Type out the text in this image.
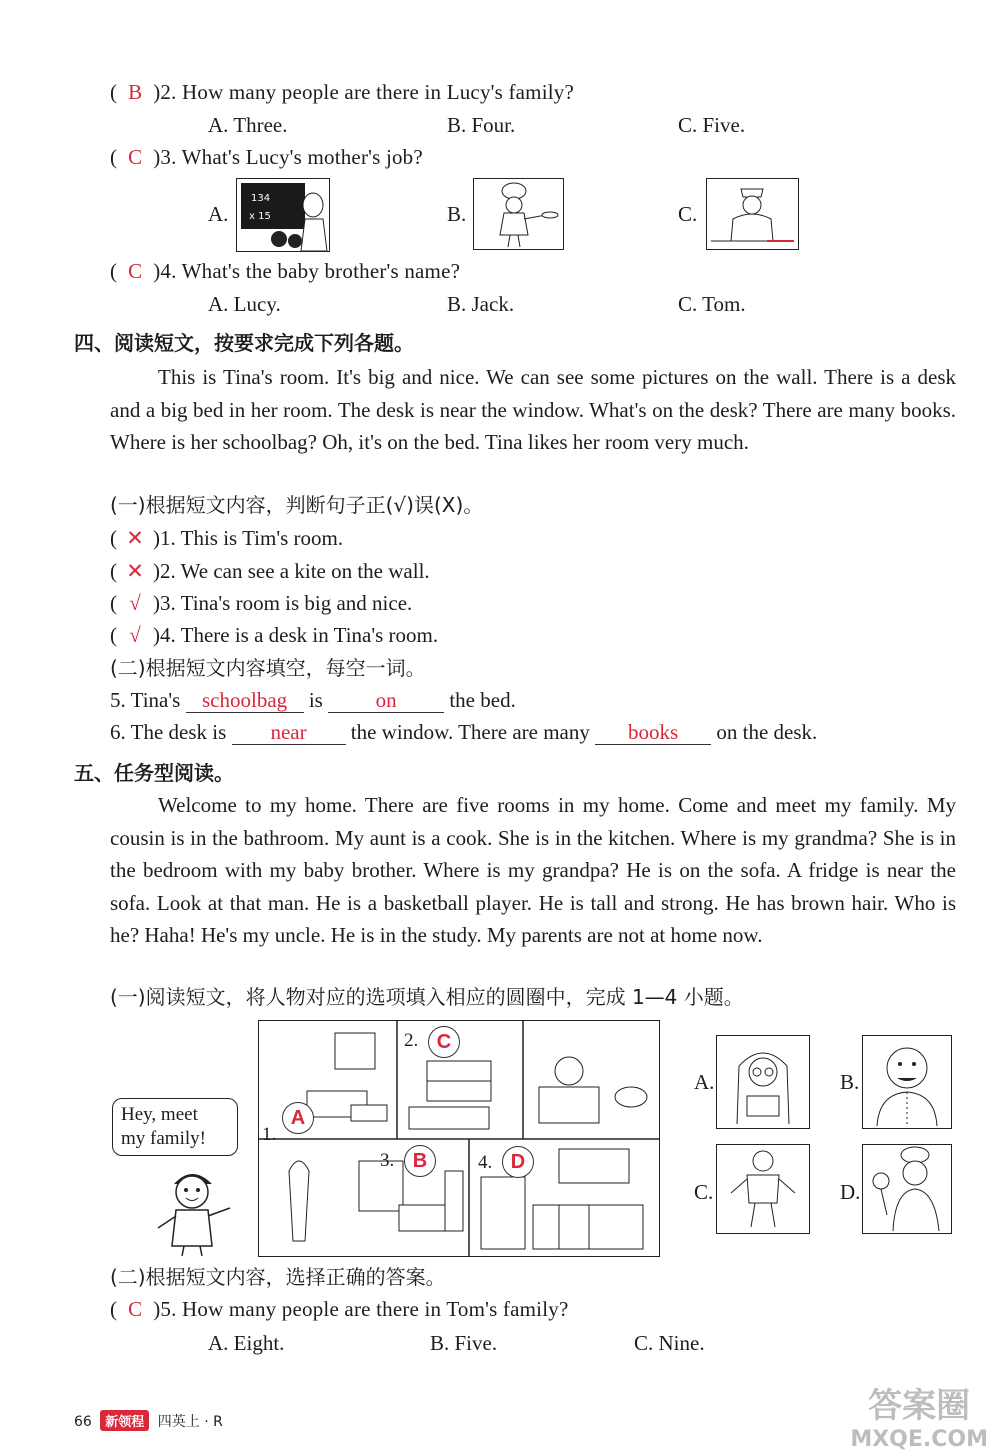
( B )2. How many people are there in Lucy's family?
A. Three.	B. Four.	C. Five.
( C )3. What's Lucy's mother's job?
A.
134
x 15	B.	C.
( C )4. What's the baby brother's name?
A. Lucy.	B. Jack.	C. Tom.
四、阅读短文，按要求完成下列各题。
This is Tina's room. It's big and nice. We can see some pictures on the wall. There is a desk and a big bed in her room. The desk is near the window. What's on the desk? There are many books. Where is her schoolbag? Oh, it's on the bed. Tina likes her room very much.
(一)根据短文内容，判断句子正(√)误(X)。
( ✕ )1. This is Tim's room.
( ✕ )2. We can see a kite on the wall.
( √ )3. Tina's room is big and nice.
( √ )4. There is a desk in Tina's room.
(二)根据短文内容填空，每空一词。
5. Tina's schoolbag is	on	the bed.
6. The desk is near the window. There are many books on the desk.
五、任务型阅读。
Welcome to my home. There are five rooms in my home. Come and meet my family. My cousin is in the bathroom. My aunt is a cook. She is in the kitchen. Where is my grandma? She is in the bedroom with my baby brother. Where is my grandpa? He is on the sofa. A fridge is near the sofa. Look at that man. He is a basketball player. He is tall and strong. He has brown hair. Who is he? Haha! He's my uncle. He is in the study. My parents are not at home now.
(一)阅读短文，将人物对应的选项填入相应的圆圈中，完成 1—4 小题。
Hey, meet
my family!	1.
A
2. C
3. B	4. D
A.	B.
C.	D.
(二)根据短文内容，选择正确的答案。
( C )5. How many people are there in Tom's family?
A. Eight.	B. Five.	C. Nine.
66 新领程 四英上 · R	答案圈
MXQE.COM
